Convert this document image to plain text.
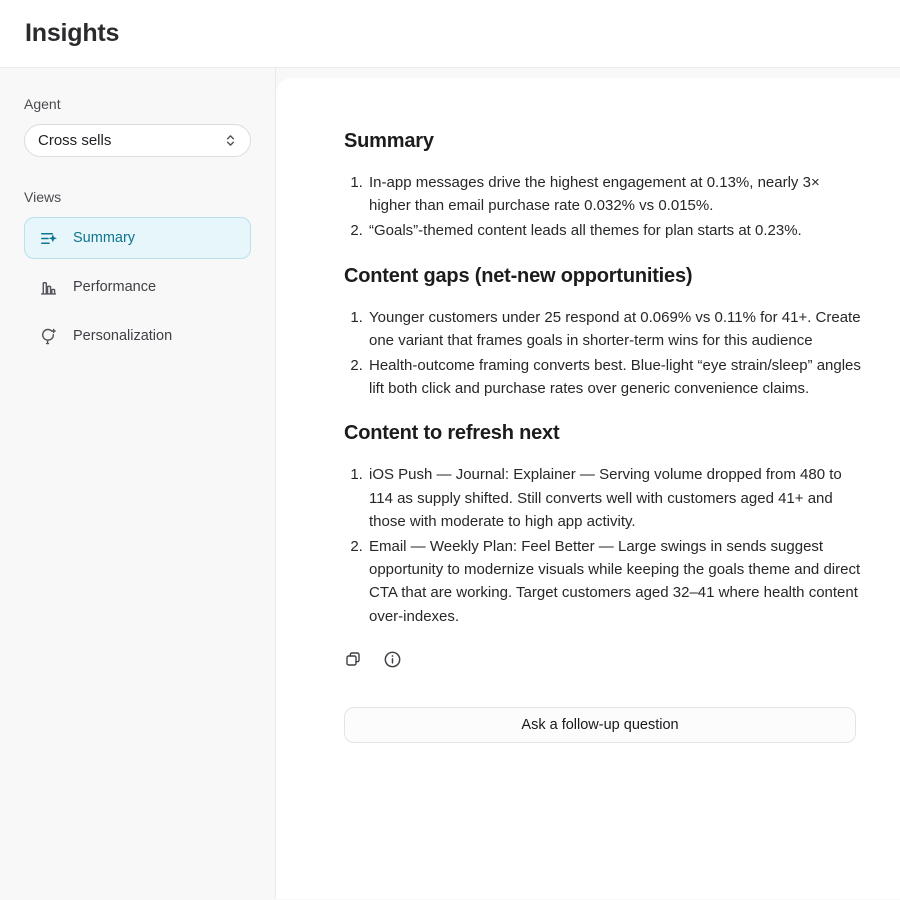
Insights
Agent
Cross sells
Views
Summary
Performance
Personalization
Summary
1. In-app messages drive the highest engagement at 0.13%, nearly 3× higher than email purchase rate 0.032% vs 0.015%.
2. “Goals”-themed content leads all themes for plan starts at 0.23%.
Content gaps (net-new opportunities)
1. Younger customers under 25 respond at 0.069% vs 0.11% for 41+. Create one variant that frames goals in shorter-term wins for this audience
2. Health-outcome framing converts best. Blue-light “eye strain/sleep” angles lift both click and purchase rates over generic convenience claims.
Content to refresh next
1. iOS Push — Journal: Explainer — Serving volume dropped from 480 to 114 as supply shifted. Still converts well with customers aged 41+ and those with moderate to high app activity.
2. Email — Weekly Plan: Feel Better — Large swings in sends suggest opportunity to modernize visuals while keeping the goals theme and direct CTA that are working. Target customers aged 32–41 where health content over-indexes.
Ask a follow-up question
